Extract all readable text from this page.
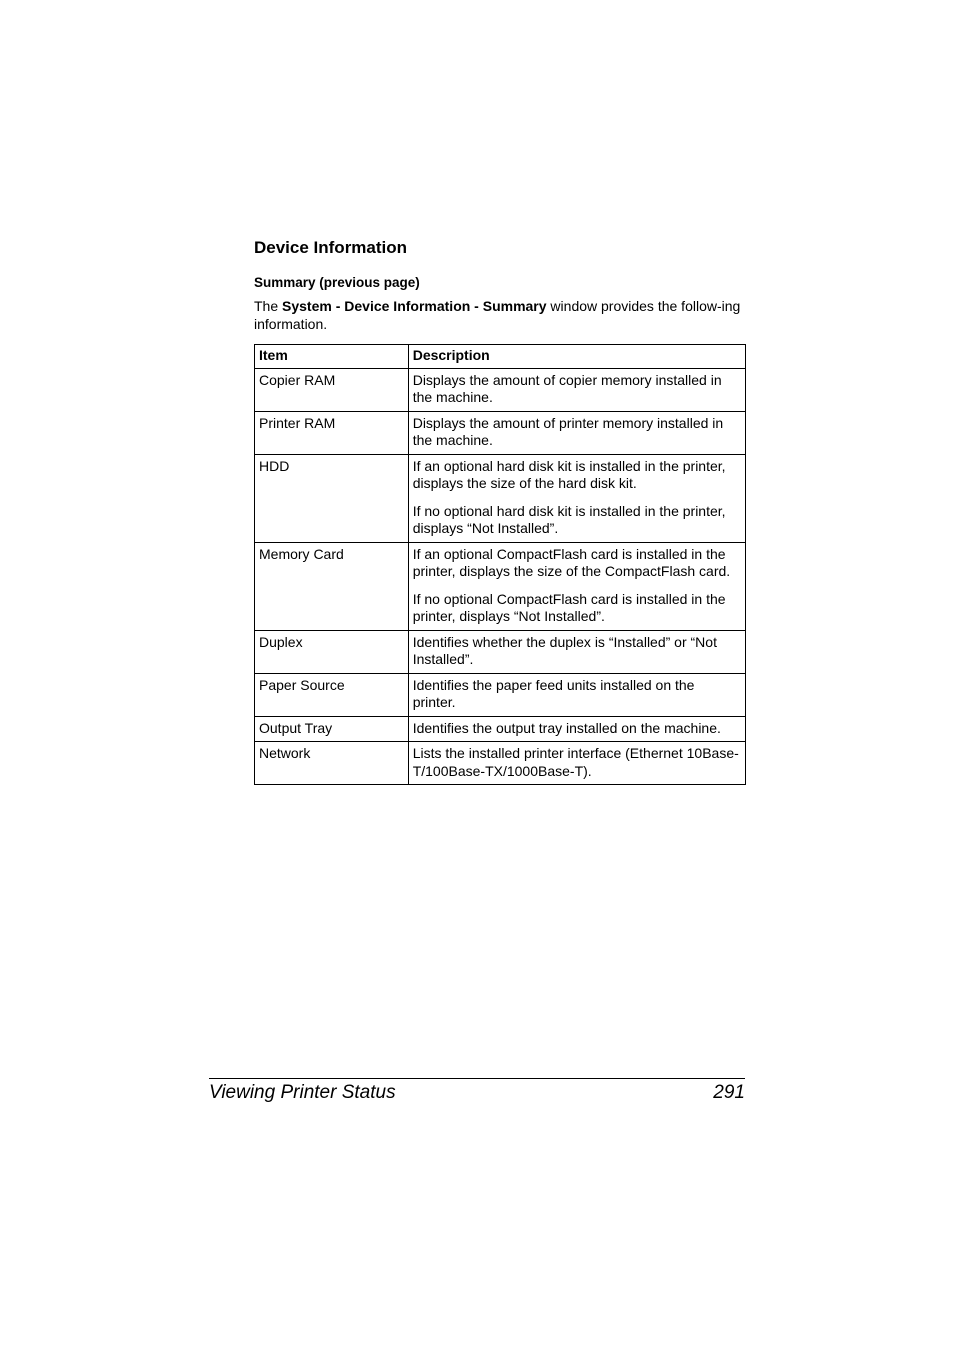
Device Information
Summary (previous page)

The System - Device Information - Summary window provides the follow-ing information.

Item	Description
Copier RAM	Displays the amount of copier memory installed in the machine.

Printer RAM	Displays the amount of printer memory installed in the machine.

HDD	If an optional hard disk kit is installed in the printer, displays the size of the hard disk kit.

If no optional hard disk kit is installed in the printer, displays “Not Installed”.

Memory Card	If an optional CompactFlash card is installed in the printer, displays the size of the CompactFlash card.

If no optional CompactFlash card is installed in the printer, displays “Not Installed”.

Duplex	Identifies whether the duplex is “Installed” or “Not Installed”.

Paper Source	Identifies the paper feed units installed on the printer.

Output Tray	Identifies the output tray installed on the machine.

Network	Lists the installed printer interface (Ethernet 10Base-T/100Base-TX/1000Base-T).

Viewing Printer Status	291
